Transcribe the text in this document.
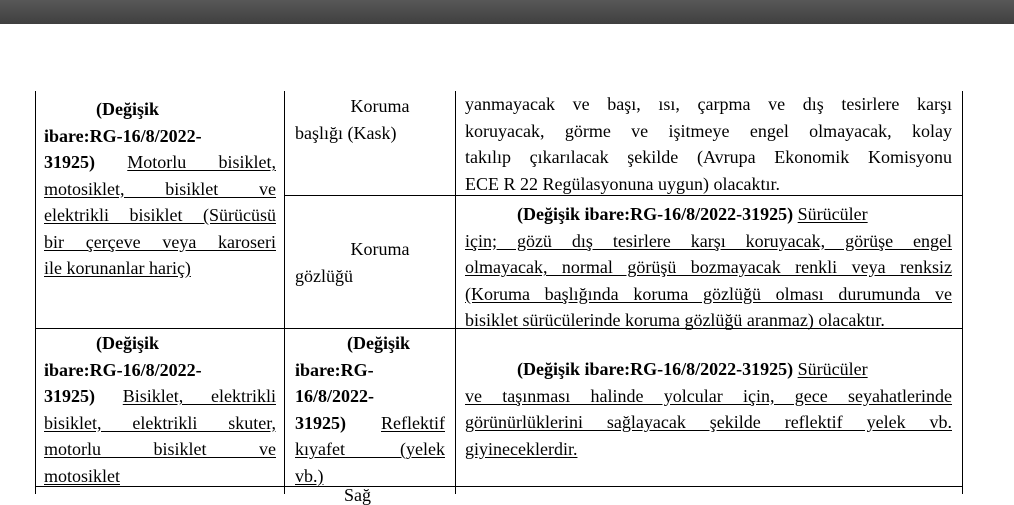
(Değişik
ibare:RG-16/8/2022-
31925) Motorlu bisiklet,
motosiklet, bisiklet ve
elektrikli bisiklet (Sürücüsü
bir çerçeve veya karoseri
ile korunanlar hariç)
Koruma
başlığı (Kask)
yanmayacak ve başı, ısı, çarpma ve dış tesirlere karşı
koruyacak, görme ve işitmeye engel olmayacak, kolay
takılıp çıkarılacak şekilde (Avrupa Ekonomik Komisyonu
ECE R 22 Regülasyonuna uygun) olacaktır.
Koruma
gözlüğü
(Değişik ibare:RG-16/8/2022-31925) Sürücüler
için; gözü dış tesirlere karşı koruyacak, görüşe engel
olmayacak, normal görüşü bozmayacak renkli veya renksiz
(Koruma başlığında koruma gözlüğü olması durumunda ve
bisiklet sürücülerinde koruma gözlüğü aranmaz) olacaktır.
(Değişik
ibare:RG-16/8/2022-
31925) Bisiklet, elektrikli
bisiklet, elektrikli skuter,
motorlu bisiklet ve
motosiklet
(Değişik
ibare:RG-
16/8/2022-
31925) Reflektif
kıyafet (yelek
vb.)
(Değişik ibare:RG-16/8/2022-31925) Sürücüler
ve taşınması halinde yolcular için, gece seyahatlerinde
görünürlüklerini sağlayacak şekilde reflektif yelek vb.
giyineceklerdir.
Sağ
